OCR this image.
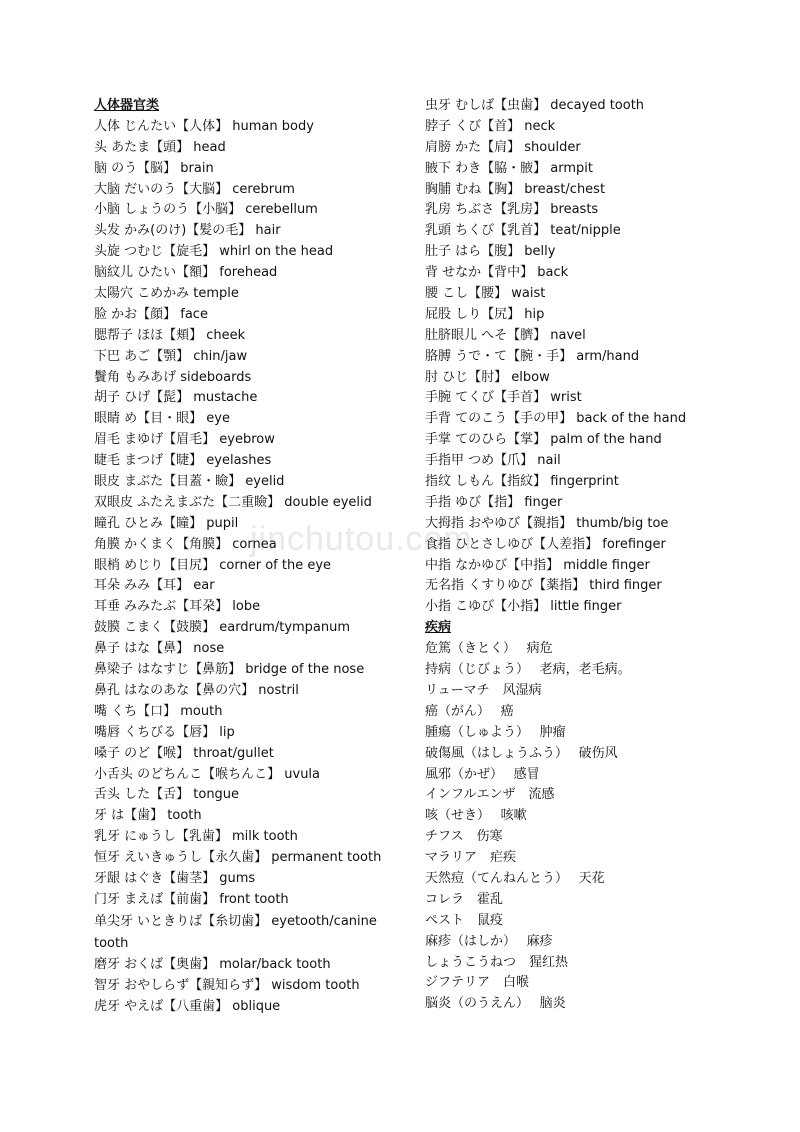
jinchutou.com
人体器官类
人体 じんたい【人体】 human body
头 あたま【頭】 head
脑 のう【脳】 brain
大脑 だいのう【大脳】 cerebrum
小脑 しょうのう【小脳】 cerebellum
头发 かみ(のけ)【髪の毛】 hair
头旋 つむじ【旋毛】 whirl on the head
脑紋儿 ひたい【額】 forehead
太陽穴 こめかみ temple
脸 かお【顔】 face
腮帮子 ほほ【頬】 cheek
下巴 あご【顎】 chin/jaw
鬢角 もみあげ sideboards
胡子 ひげ【髭】 mustache
眼睛 め【目・眼】 eye
眉毛 まゆげ【眉毛】 eyebrow
睫毛 まつげ【睫】 eyelashes
眼皮 まぶた【目蓋・瞼】 eyelid
双眼皮 ふたえまぶた【二重瞼】 double eyelid
瞳孔 ひとみ【瞳】 pupil
角膜 かくまく【角膜】 cornea
眼梢 めじり【目尻】 corner of the eye
耳朵 みみ【耳】 ear
耳垂 みみたぶ【耳朶】 lobe
鼓膜 こまく【鼓膜】 eardrum/tympanum
鼻子 はな【鼻】 nose
鼻梁子 はなすじ【鼻筋】 bridge of the nose
鼻孔 はなのあな【鼻の穴】 nostril
嘴 くち【口】 mouth
嘴唇 くちびる【唇】 lip
嗓子 のど【喉】 throat/gullet
小舌头 のどちんこ【喉ちんこ】 uvula
舌头 した【舌】 tongue
牙 は【歯】 tooth
乳牙 にゅうし【乳歯】 milk tooth
恒牙 えいきゅうし【永久歯】 permanent tooth
牙龈 はぐき【歯茎】 gums
门牙 まえば【前歯】 front tooth
单尖牙 いときりば【糸切歯】 eyetooth/canine tooth
磨牙 おくば【奥歯】 molar/back tooth
智牙 おやしらず【親知らず】 wisdom tooth
虎牙 やえば【八重歯】 oblique
虫牙 むしば【虫歯】 decayed tooth
脖子 くび【首】 neck
肩膀 かた【肩】 shoulder
腋下 わき【脇・腋】 armpit
胸脯 むね【胸】 breast/chest
乳房 ちぶさ【乳房】 breasts
乳頭 ちくび【乳首】 teat/nipple
肚子 はら【腹】 belly
背 せなか【背中】 back
腰 こし【腰】 waist
屁股 しり【尻】 hip
肚脐眼儿 へそ【臍】 navel
胳膊 うで・て【腕・手】 arm/hand
肘 ひじ【肘】 elbow
手腕 てくび【手首】 wrist
手背 てのこう【手の甲】 back of the hand
手掌 てのひら【掌】 palm of the hand
手指甲 つめ【爪】 nail
指纹 しもん【指紋】 fingerprint
手指 ゆび【指】 finger
大拇指 おやゆび【親指】 thumb/big toe
食指 ひとさしゆび【人差指】 forefinger
中指 なかゆび【中指】 middle finger
无名指 くすりゆび【薬指】 third finger
小指 こゆび【小指】 little finger
疾病
危篤（きとく）　 病危
持病（じびょう）　 老病，老毛病。
リューマチ　风湿病
癌（がん）　 癌
腫瘍（しゅよう）　 肿瘤
破傷風（はしょうふう）　 破伤风
風邪（かぜ）　 感冒
インフルエンザ　流感
咳（せき）　 咳嗽
チフス　伤寒
マラリア　疟疾
天然痘（てんねんとう）　 天花
コレラ　霍乱
ペスト　鼠疫
麻疹（はしか）　 麻疹
しょうこうねつ　猩红热
ジフテリア　白喉
脳炎（のうえん）　 脑炎
